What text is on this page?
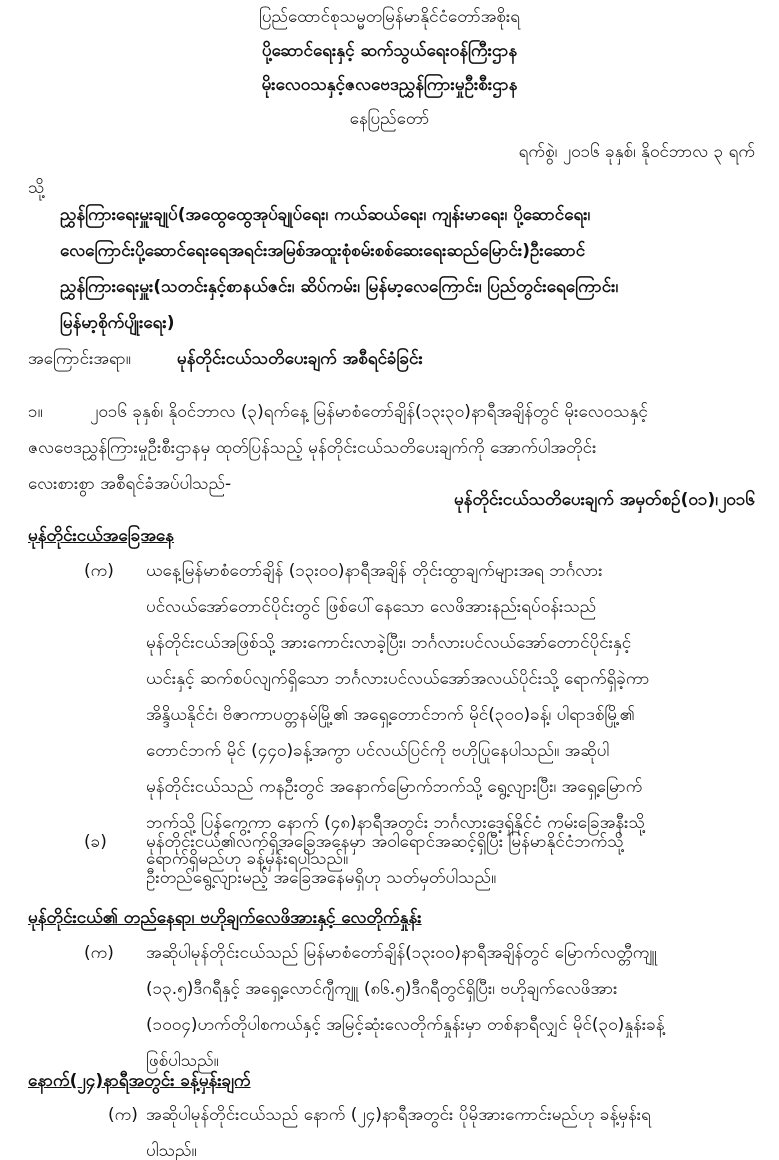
ပြည်ထောင်စုသမ္မတမြန်မာနိုင်ငံတော်အစိုးရ
ပို့ဆောင်ရေးနှင့် ဆက်သွယ်ရေးဝန်ကြီးဌာန
မိုးလေဝသနှင့်ဇလဗေဒညွှန်ကြားမှုဦးစီးဌာန
နေပြည်တော်
ရက်စွဲ၊ ၂၀၁၆ ခုနှစ်၊ နိုဝင်ဘာလ ၃ ရက်
သို့
ညွှန်ကြားရေးမှူးချုပ်(အထွေထွေအုပ်ချုပ်ရေး၊ ကယ်ဆယ်ရေး၊ ကျန်းမာရေး၊ ပို့ဆောင်ရေး၊
လေကြောင်းပို့ဆောင်ရေးရေအရင်းအမြစ်အထူးစုံစမ်းစစ်ဆေးရေးဆည်မြောင်း)ဦးဆောင်
ညွှန်ကြားရေးမှူး(သတင်းနှင့်စာနယ်ဇင်း၊ ဆိပ်ကမ်း၊ မြန်မာ့လေကြောင်း၊ ပြည်တွင်းရေကြောင်း၊
မြန်မာ့စိုက်ပျိုးရေး)
အကြောင်းအရာ။	မုန်တိုင်းငယ်သတိပေးချက် အစီရင်ခံခြင်း
၁။	၂၀၁၆ ခုနှစ်၊ နိုဝင်ဘာလ (၃)ရက်နေ့ မြန်မာစံတော်ချိန်(၁၃း၃၀)နာရီအချိန်တွင် မိုးလေဝသနှင့်
ဇလဗေဒညွှန်ကြားမှုဦးစီးဌာနမှ ထုတ်ပြန်သည့် မုန်တိုင်းငယ်သတိပေးချက်ကို အောက်ပါအတိုင်း
လေးစားစွာ အစီရင်ခံအပ်ပါသည်-
မုန်တိုင်းငယ်သတိပေးချက် အမှတ်စဉ်(၀၁)၊၂၀၁၆
မုန်တိုင်းငယ်အခြေအနေ
(က) ယနေ့မြန်မာစံတော်ချိန် (၁၃း၀၀)နာရီအချိန် တိုင်းထွာချက်များအရ ဘင်္ဂလား
ပင်လယ်အော်တောင်ပိုင်းတွင် ဖြစ်ပေါ်နေသော လေဖိအားနည်းရပ်ဝန်းသည်
မုန်တိုင်းငယ်အဖြစ်သို့ အားကောင်းလာခဲ့ပြီး၊ ဘင်္ဂလားပင်လယ်အော်တောင်ပိုင်းနှင့်
ယင်းနှင့် ဆက်စပ်လျက်ရှိသော ဘင်္ဂလားပင်လယ်အော်အလယ်ပိုင်းသို့ ရောက်ရှိခဲ့ကာ
အိန္ဒိယနိုင်ငံ၊ ဗိဇာကာပတ္တနမ်မြို့၏ အရှေ့တောင်ဘက် မိုင်(၃၀၀)ခန့်၊ ပါရာဒစ်မြို့၏
တောင်ဘက် မိုင် (၄၄၀)ခန့်အကွာ ပင်လယ်ပြင်ကို ဗဟိုပြုနေပါသည်။ အဆိုပါ
မုန်တိုင်းငယ်သည် ကနဦးတွင် အနောက်မြောက်ဘက်သို့ ရွေ့လျားပြီး၊ အရှေ့မြောက်
ဘက်သို့ ပြန်ကွေ့ကာ နောက် (၄၈)နာရီအတွင်း ဘင်္ဂလားဒေ့ရှ်နိုင်ငံ ကမ်းခြေအနီးသို့
ရောက်ရှိမည်ဟု ခန့်မှန်းရပါသည်။
(ခ) မုန်တိုင်းငယ်၏လက်ရှိအခြေအနေမှာ အဝါရောင်အဆင့်ရှိပြီး မြန်မာနိုင်ငံဘက်သို့
ဦးတည်ရွေ့လျားမည့် အခြေအနေမရှိဟု သတ်မှတ်ပါသည်။
မုန်တိုင်းငယ်၏ တည်နေရာ၊ ဗဟိုချက်လေဖိအားနှင့် လေတိုက်နှုန်း
(က) အဆိုပါမုန်တိုင်းငယ်သည် မြန်မာစံတော်ချိန်(၁၃း၀၀)နာရီအချိန်တွင် မြောက်လတ္တီကျူ
(၁၃.၅)ဒီဂရီနှင့် အရှေ့လောင်ဂျီကျူ (၈၆.၅)ဒီဂရီတွင်ရှိပြီး၊ ဗဟိုချက်လေဖိအား
(၁၀၀၄)ဟက်တိုပါစကယ်နှင့် အမြင့်ဆုံးလေတိုက်နှုန်းမှာ တစ်နာရီလျှင် မိုင်(၃၀)နှုန်းခန့်
ဖြစ်ပါသည်။
နောက်(၂၄)နာရီအတွင်း ခန့်မှန်းချက်
(က) အဆိုပါမုန်တိုင်းငယ်သည် နောက် (၂၄)နာရီအတွင်း ပိုမိုအားကောင်းမည်ဟု ခန့်မှန်းရ
ပါသည်။
